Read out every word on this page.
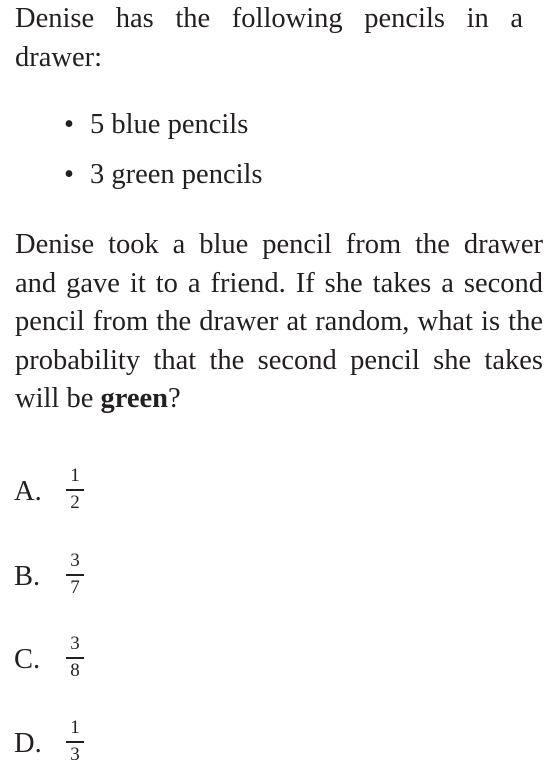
Denise has the following pencils in a drawer:

• 5 blue pencils
• 3 green pencils

Denise took a blue pencil from the drawer and gave it to a friend. If she takes a second pencil from the drawer at random, what is the probability that the second pencil she takes will be green?

A.
1
2
B.
3
7
C.
3
8
D.
1
3
